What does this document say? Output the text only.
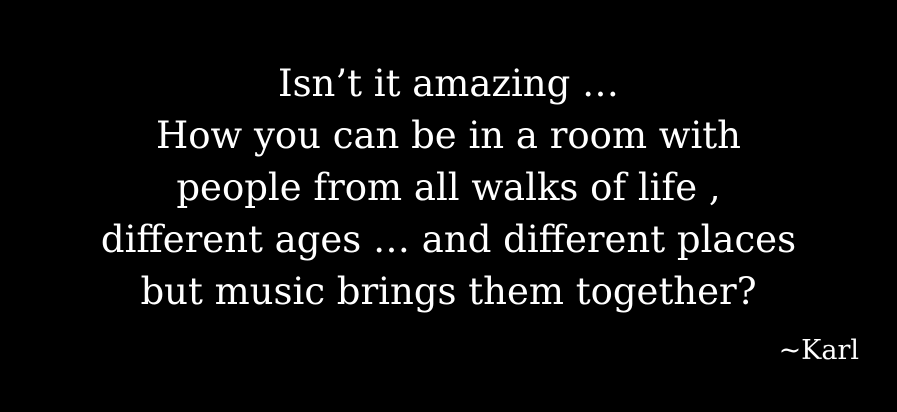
Isn’t it amazing …
How you can be in a room with
people from all walks of life ,
different ages … and different places
but music brings them together?
~Karl
